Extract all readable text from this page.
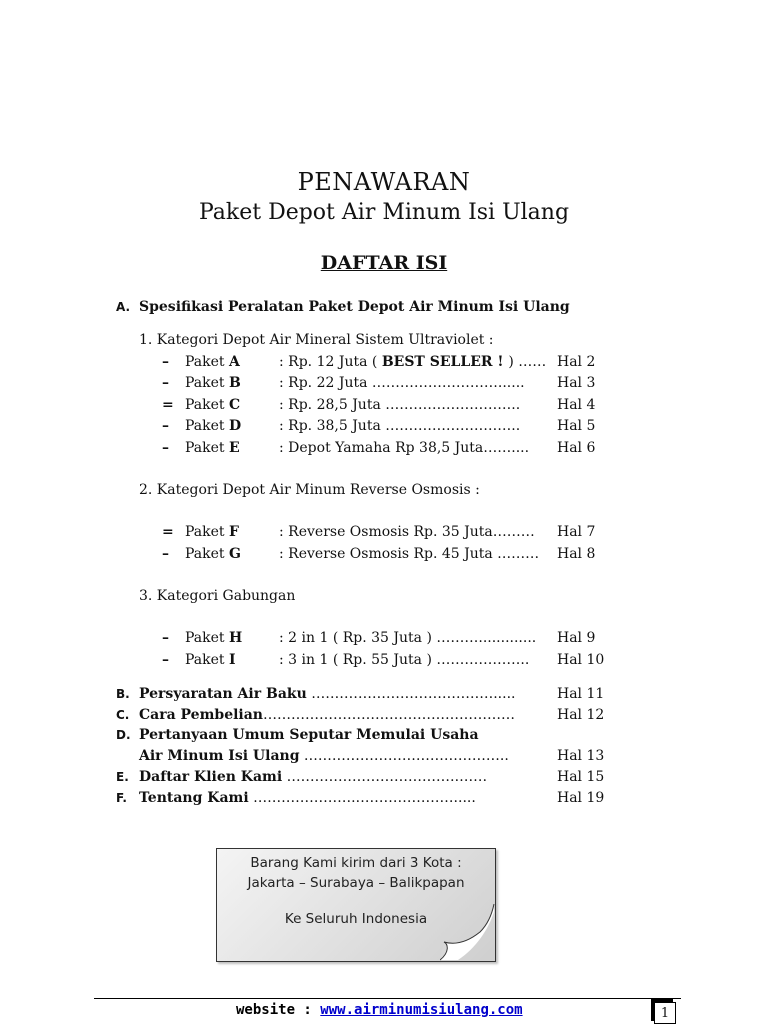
PENAWARAN
Paket Depot Air Minum Isi Ulang
DAFTAR ISI
A. Spesifikasi Peralatan Paket Depot Air Minum Isi Ulang
1. Kategori Depot Air Mineral Sistem Ultraviolet :
– Paket A	: Rp. 12 Juta ( BEST SELLER ! ) …… Hal 2
– Paket B	: Rp. 22 Juta ………………………...... Hal 3
= Paket C	: Rp. 28,5 Juta ………………………..	Hal 4
– Paket D	: Rp. 38,5 Juta ………………………..	Hal 5
– Paket E	: Depot Yamaha Rp 38,5 Juta…….... Hal 6
2. Kategori Depot Air Minum Reverse Osmosis :
= Paket F	: Reverse Osmosis Rp. 35 Juta……… Hal 7
– Paket G	: Reverse Osmosis Rp. 45 Juta ……… Hal 8
3. Kategori Gabungan
– Paket H	: 2 in 1 ( Rp. 35 Juta ) ………............. Hal 9
– Paket I	: 3 in 1 ( Rp. 55 Juta ) ……………….. Hal 10
B. Persyaratan Air Baku ………………………………….....	Hal 11
C. Cara Pembelian………………………………………………	Hal 12
D. Pertanyaan Umum Seputar Memulai Usaha
Air Minum Isi Ulang ……………………………………..	Hal 13
E. Daftar Klien Kami ……………………………….……	Hal 15
F. Tentang Kami ………………….………………….....	Hal 19
Barang Kami kirim dari 3 Kota :
Jakarta – Surabaya – Balikpapan
Ke Seluruh Indonesia
website : www.airminumisiulang.com	1
